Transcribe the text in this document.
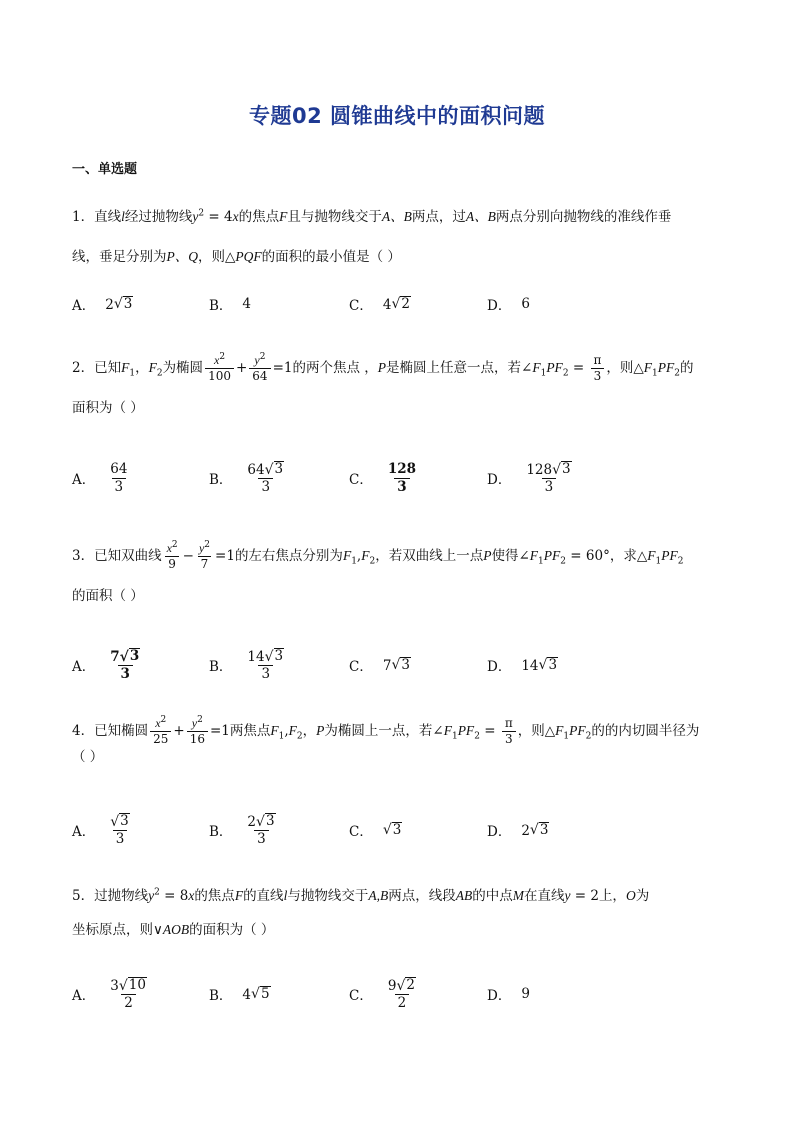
专题02 圆锥曲线中的面积问题
一、单选题
1．直线l经过抛物线$y^2 = 4x$的焦点F且与抛物线交于A、B两点，过A、B两点分别向抛物线的准线作垂
线，垂足分别为P、Q，则△PQF的面积的最小值是（ ）
A． 2 √ 3	B． 4	C． 4 √ 2	D． 6
2．已知$F_1$，$F_2$为椭圆 $\frac{x^2}{100} + \frac{y^2}{64} =1$的两个焦点 ，P是椭圆上任意一点，若$\angle F_1PF_2 = \frac{\pi}{3}$ ，则$\triangle F_1PF_2$的
面积为（ ）
A． $\frac{64}{3}$	B． $\frac{64 √ 3}{3}$	C． $\frac{128}{3}$	D． $\frac{128 √ 3}{3}$
3．已知双曲线 $\frac{x^2}{9} - \frac{y^2}{7} =1$的左右焦点分别为$F_1,F_2$，若双曲线上一点P使得$\angle F_1PF_2 = 60^\circ$，求$\triangle F_1PF_2$
的面积（ ）
A． $\frac{7 √ 3}{3}$	B． $\frac{14 √ 3}{3}$	C． 7 √ 3	D． 14 √ 3
4．已知椭圆 $\frac{x^2}{25} + \frac{y^2}{16} =1$两焦点$F_1,F_2$，P为椭圆上一点，若$\angle F_1PF_2 = \frac{\pi}{3}$ ，则$\triangle F_1PF_2$的的内切圆半径为
（ ）
A． $\frac{√ 3}{3}$	B． $\frac{2 √ 3}{3}$	C． √ 3	D． 2 √ 3
5．过抛物线$y^2 = 8x$的焦点F的直线l与抛物线交于A,B两点，线段AB的中点M在直线y = 2上，O为
坐标原点，则∨AOB的面积为（ ）
A． $\frac{3 √ 10}{2}$	B． 4 √ 5	C． $\frac{9 √ 2}{2}$	D． 9
